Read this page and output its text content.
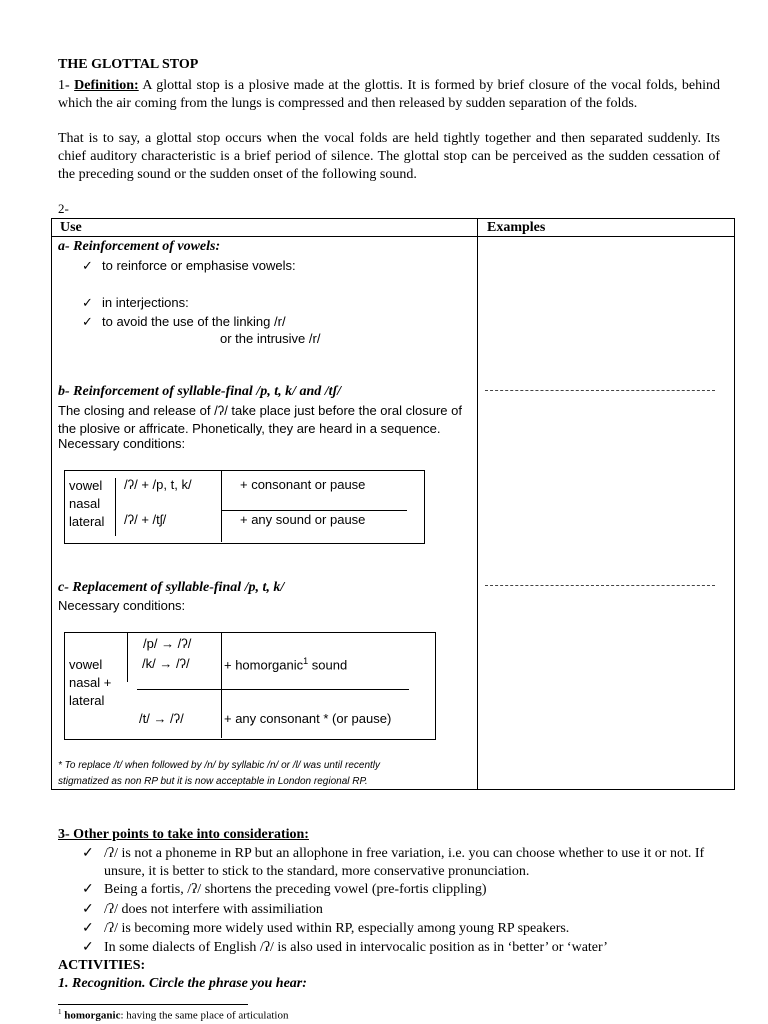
THE GLOTTAL STOP
1- Definition: A glottal stop is a plosive made at the glottis. It is formed by brief closure of the vocal folds, behind which the air coming from the lungs is compressed and then released by sudden separation of the folds.
That is to say, a glottal stop occurs when the vocal folds are held tightly together and then separated suddenly. Its chief auditory characteristic is a brief period of silence. The glottal stop can be perceived as the sudden cessation of the preceding sound or the sudden onset of the following sound.
2-
Use	Examples
a- Reinforcement of vowels:
✓ to reinforce or emphasise vowels:
✓ in interjections:
✓ to avoid the use of the linking /r/
or the intrusive /r/
b- Reinforcement of syllable-final /p, t, k/ and /tʃ/
The closing and release of /ʔ/ take place just before the oral closure of the plosive or affricate. Phonetically, they are heard in a sequence.
Necessary conditions:
vowel
nasal
lateral
/ʔ/ + /p, t, k/	+ consonant or pause
/ʔ/ + /tʃ/	+ any sound or pause
c- Replacement of syllable-final /p, t, k/
Necessary conditions:
vowel
nasal +
lateral
/p/ → /ʔ/
/k/ → /ʔ/	+ homorganic$^1$ sound
/t/ → /ʔ/	+ any consonant * (or pause)
* To replace /t/ when followed by /n/ by syllabic /n/ or /l/ was until recently
stigmatized as non RP but it is now acceptable in London regional RP.
3- Other points to take into consideration:
✓ /ʔ/ is not a phoneme in RP but an allophone in free variation, i.e. you can choose whether to use it or not. If unsure, it is better to stick to the standard, more conservative pronunciation.
✓ Being a fortis, /ʔ/ shortens the preceding vowel (pre-fortis clippling)
✓ /ʔ/ does not interfere with assimiliation
✓ /ʔ/ is becoming more widely used within RP, especially among young RP speakers.
✓ In some dialects of English /ʔ/ is also used in intervocalic position as in ‘better’ or ‘water’
ACTIVITIES:
1. Recognition. Circle the phrase you hear:
$^1$ homorganic: having the same place of articulation
